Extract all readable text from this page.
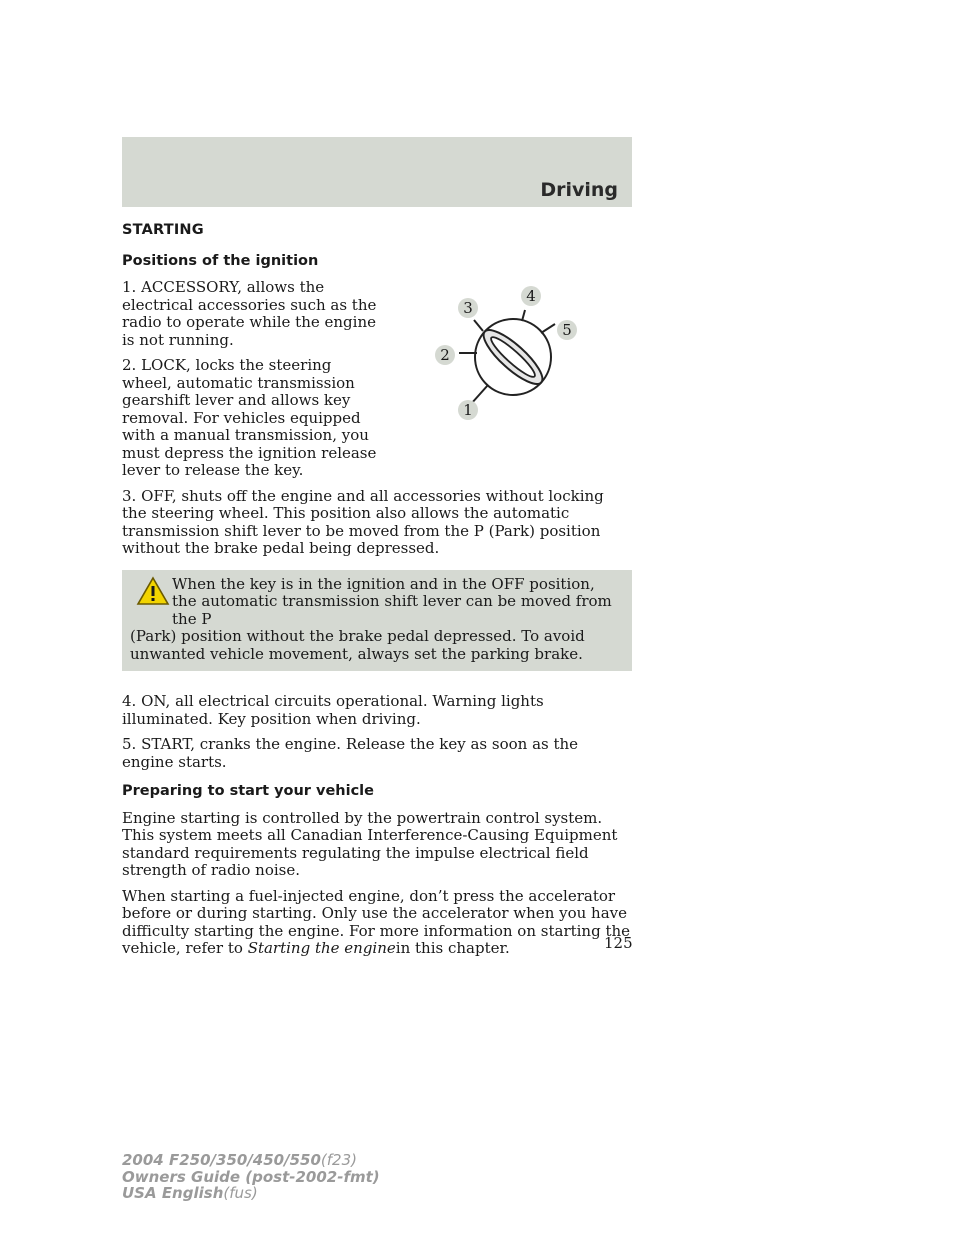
Driving
STARTING
Positions of the ignition

1. ACCESSORY, allows the electrical accessories such as the radio to operate while the engine is not running.

2. LOCK, locks the steering wheel, automatic transmission gearshift lever and allows key removal. For vehicles equipped with a manual transmission, you must depress the ignition release lever to release the key.

3. OFF, shuts off the engine and all accessories without locking the steering wheel. This position also allows the automatic transmission shift lever to be moved from the P (Park) position without the brake pedal being depressed.

When the key is in the ignition and in the OFF position, the automatic transmission shift lever can be moved from the P
(Park) position without the brake pedal depressed. To avoid unwanted vehicle movement, always set the parking brake.

4. ON, all electrical circuits operational. Warning lights illuminated. Key position when driving.

5. START, cranks the engine. Release the key as soon as the engine starts.

Preparing to start your vehicle

Engine starting is controlled by the powertrain control system. This system meets all Canadian Interference-Causing Equipment standard requirements regulating the impulse electrical field strength of radio noise.

When starting a fuel-injected engine, don’t press the accelerator before or during starting. Only use the accelerator when you have difficulty starting the engine. For more information on starting the vehicle, refer to Starting the enginein this chapter.

1
2
3
4
5
125
2004 F250/350/450/550(f23)
Owners Guide (post-2002-fmt)
USA English(fus)
